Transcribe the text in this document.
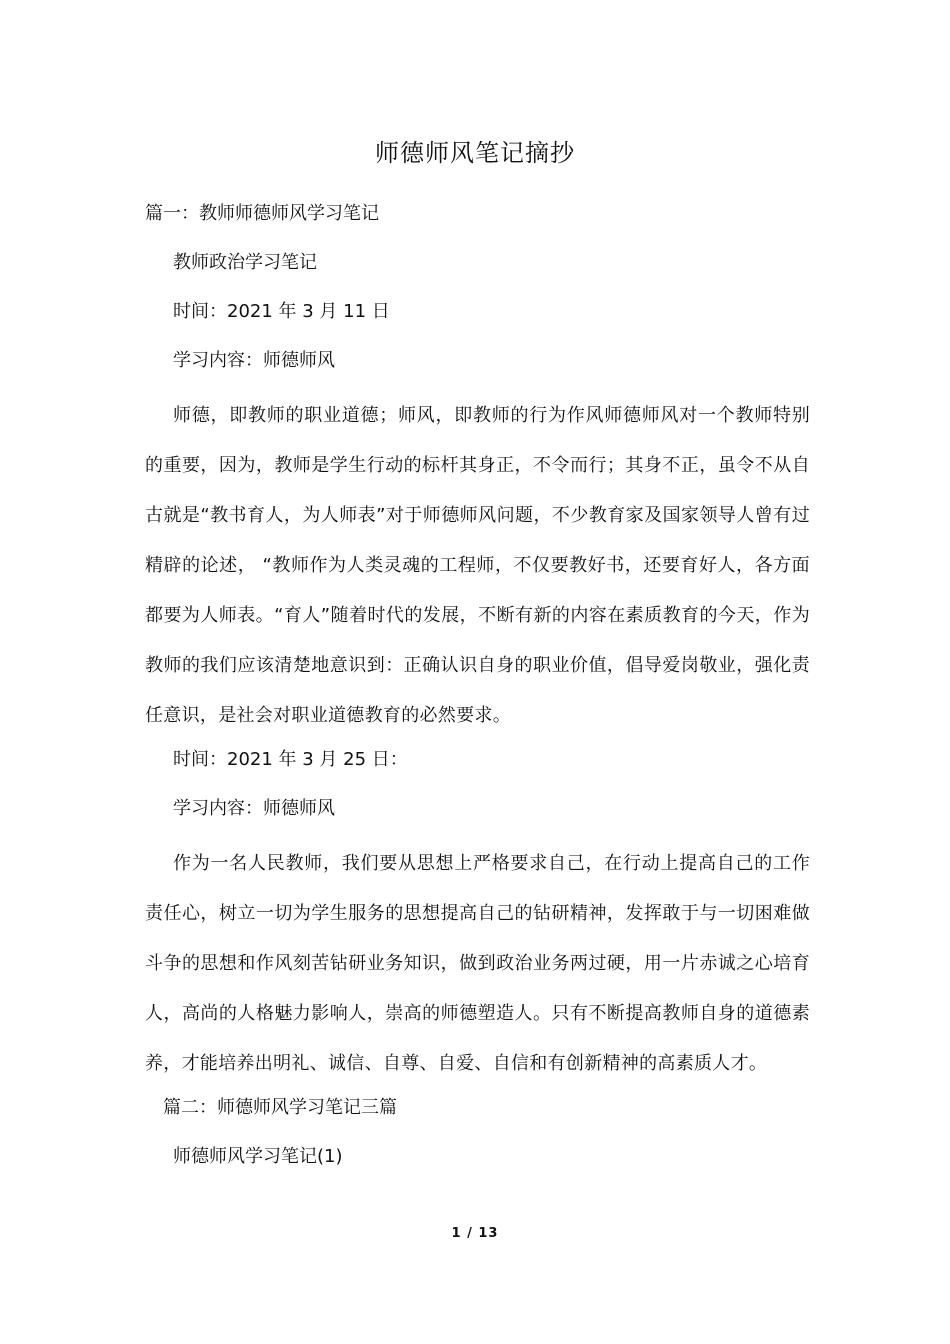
师德师风笔记摘抄

篇一：教师师德师风学习笔记

教师政治学习笔记

时间：2021 年 3 月 11 日

学习内容：师德师风

师德，即教师的职业道德；师风，即教师的行为作风师德师风对一个教师特别的重要，因为，教师是学生行动的标杆其身正，不令而行；其身不正，虽令不从自古就是“教书育人，为人师表”对于师德师风问题，不少教育家及国家领导人曾有过精辟的论述， “教师作为人类灵魂的工程师，不仅要教好书，还要育好人，各方面都要为人师表。“育人”随着时代的发展，不断有新的内容在素质教育的今天，作为教师的我们应该清楚地意识到：正确认识自身的职业价值，倡导爱岗敬业，强化责任意识，是社会对职业道德教育的必然要求。

时间：2021 年 3 月 25 日：

学习内容：师德师风

作为一名人民教师，我们要从思想上严格要求自己，在行动上提高自己的工作责任心，树立一切为学生服务的思想提高自己的钻研精神，发挥敢于与一切困难做斗争的思想和作风刻苦钻研业务知识，做到政治业务两过硬，用一片赤诚之心培育人，高尚的人格魅力影响人，崇高的师德塑造人。只有不断提高教师自身的道德素养，才能培养出明礼、诚信、自尊、自爱、自信和有创新精神的高素质人才。

篇二：师德师风学习笔记三篇

师德师风学习笔记(1)

1 / 13
